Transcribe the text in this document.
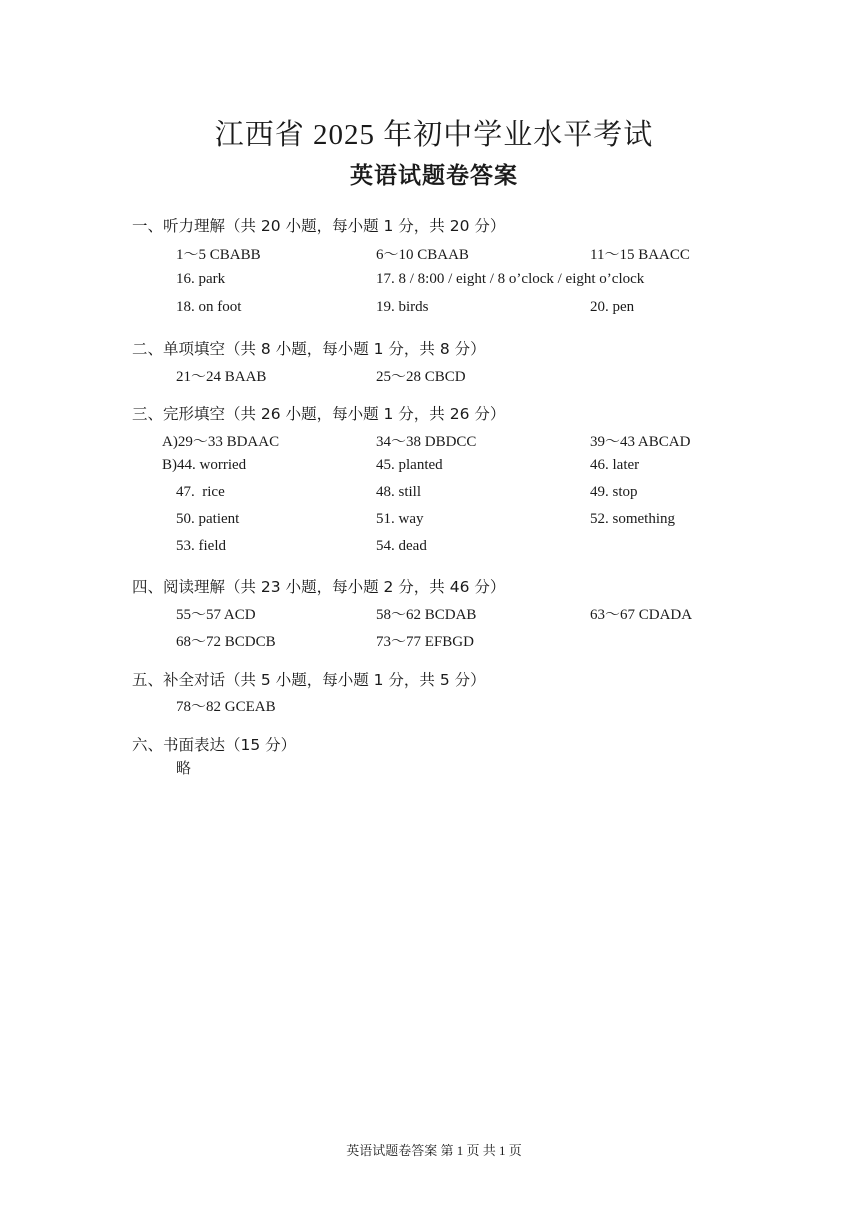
江西省 2025 年初中学业水平考试
英语试题卷答案
一、听力理解（共 20 小题，每小题 1 分，共 20 分）
1～5 CBABB	6～10 CBAAB	11～15 BAACC
16. park	17. 8 / 8:00 / eight / 8 o’clock / eight o’clock
18. on foot	19. birds	20. pen
二、单项填空（共 8 小题，每小题 1 分，共 8 分）
21～24 BAAB	25～28 CBCD
三、完形填空（共 26 小题，每小题 1 分，共 26 分）
A)29～33 BDAAC	34～38 DBDCC	39～43 ABCAD
B)44. worried	45. planted	46. later
47.  rice	48. still	49. stop
50. patient	51. way	52. something
53. field	54. dead
四、阅读理解（共 23 小题，每小题 2 分，共 46 分）
55～57 ACD	58～62 BCDAB	63～67 CDADA
68～72 BCDCB	73～77 EFBGD
五、补全对话（共 5 小题，每小题 1 分，共 5 分）
78～82 GCEAB
六、书面表达（15 分）
略
英语试题卷答案 第 1 页 共 1 页
